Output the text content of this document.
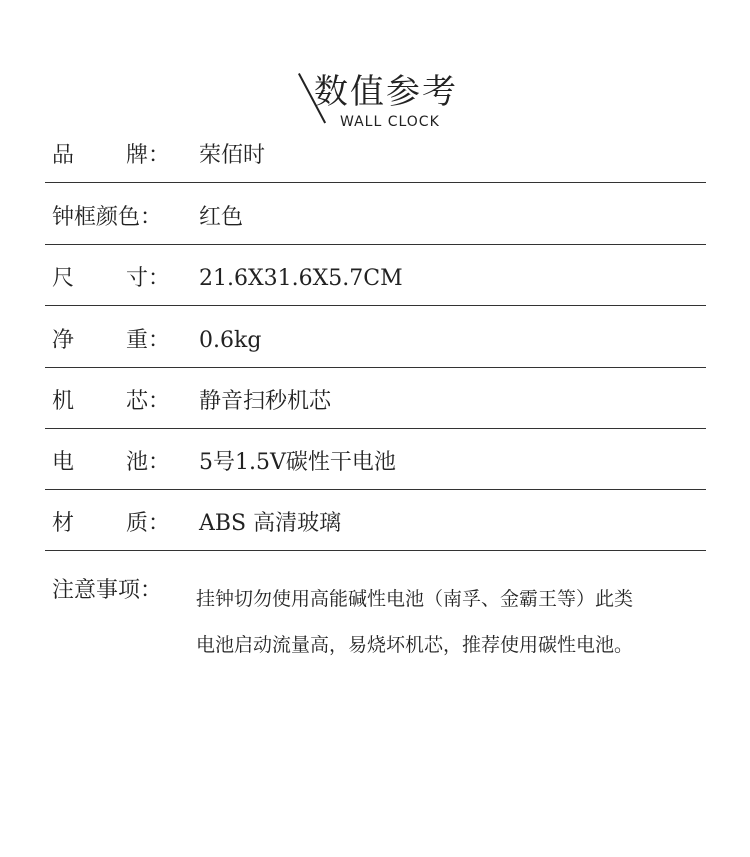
数值参考
WALL CLOCK
品 牌： 荣佰时
钟框颜色：	红色
尺 寸： 21.6X31.6X5.7CM
净 重： 0.6kg
机 芯： 静音扫秒机芯
电 池： 5号1.5V碳性干电池
材 质： ABS 高清玻璃
注意事项： 挂钟切勿使用高能碱性电池（南孚、金霸王等）此类
电池启动流量高，易烧坏机芯，推荐使用碳性电池。
